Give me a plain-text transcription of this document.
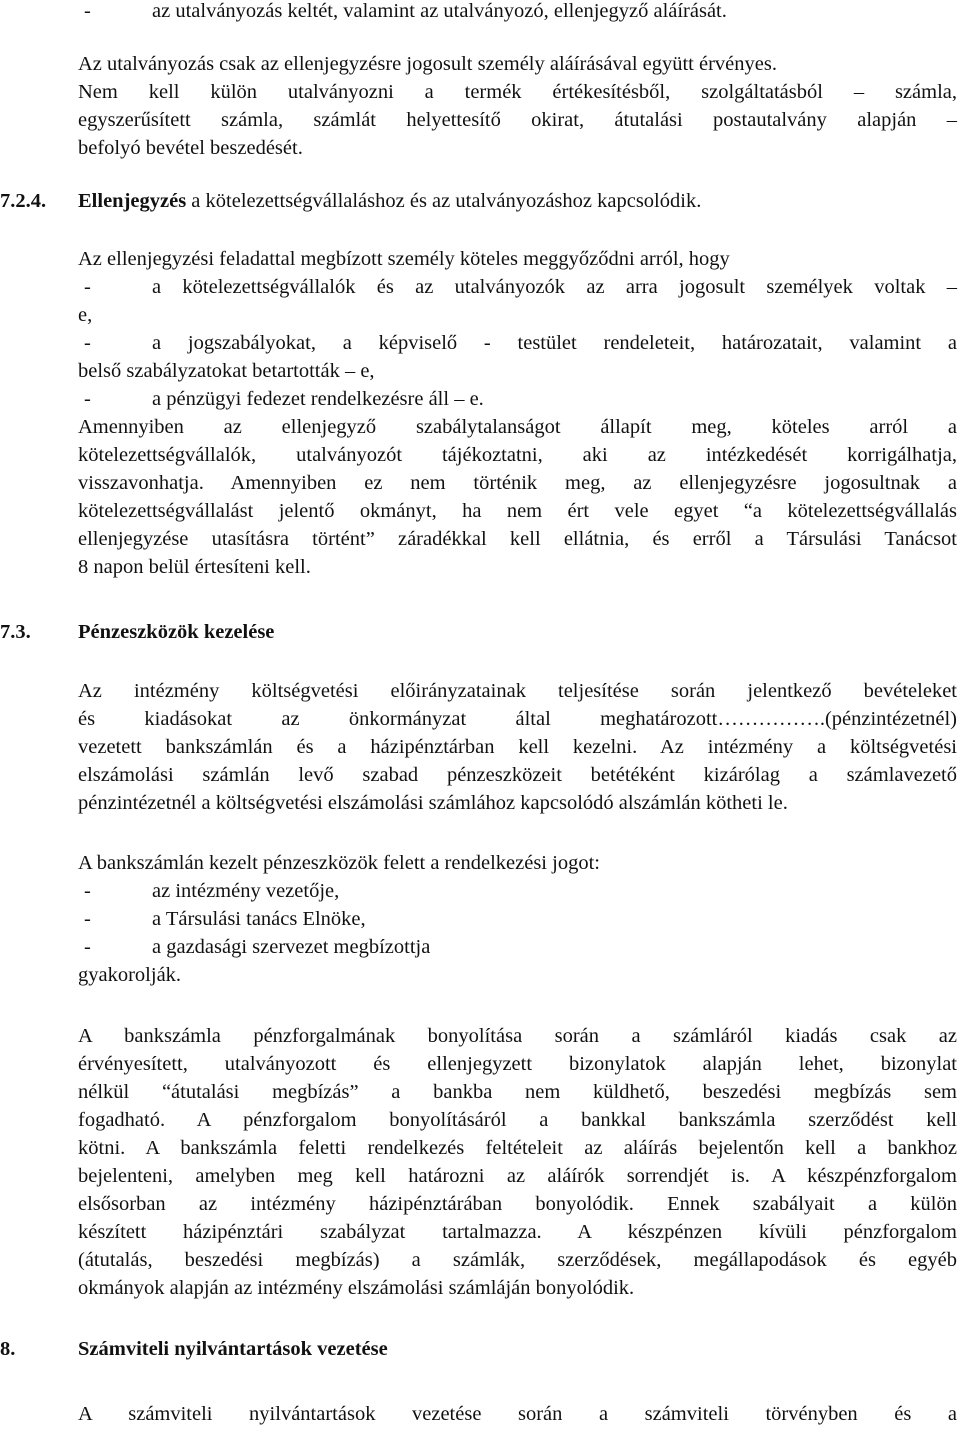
-	az utalványozás keltét, valamint az utalványozó, ellenjegyző aláírását.
Az utalványozás csak az ellenjegyzésre jogosult személy aláírásával együtt érvényes.
Nem kell külön utalványozni a termék értékesítésből, szolgáltatásból – számla,
egyszerűsített számla, számlát helyettesítő okirat, átutalási postautalvány alapján –
befolyó bevétel beszedését.
7.2.4. Ellenjegyzés a kötelezettségvállaláshoz és az utalványozáshoz kapcsolódik.
Az ellenjegyzési feladattal megbízott személy köteles meggyőződni arról, hogy
-	a kötelezettségvállalók és az utalványozók az arra jogosult személyek voltak –
e,
-	a jogszabályokat, a képviselő - testület rendeleteit, határozatait, valamint a
belső szabályzatokat betartották – e,
-	a pénzügyi fedezet rendelkezésre áll – e.
Amennyiben az ellenjegyző szabálytalanságot állapít meg, köteles arról a
kötelezettségvállalók, utalványozót tájékoztatni, aki az intézkedését korrigálhatja,
visszavonhatja. Amennyiben ez nem történik meg, az ellenjegyzésre jogosultnak a
kötelezettségvállalást jelentő okmányt, ha nem ért vele egyet “a kötelezettségvállalás
ellenjegyzése utasításra történt” záradékkal kell ellátnia, és erről a Társulási Tanácsot
8 napon belül értesíteni kell.
7.3. Pénzeszközök kezelése
Az intézmény költségvetési előirányzatainak teljesítése során jelentkező bevételeket
és kiadásokat az önkormányzat által meghatározott…………….(pénzintézetnél)
vezetett bankszámlán és a házipénztárban kell kezelni. Az intézmény a költségvetési
elszámolási számlán levő szabad pénzeszközeit betétéként kizárólag a számlavezető
pénzintézetnél a költségvetési elszámolási számlához kapcsolódó alszámlán kötheti le.
A bankszámlán kezelt pénzeszközök felett a rendelkezési jogot:
-	az intézmény vezetője,
-	a Társulási tanács Elnöke,
-	a gazdasági szervezet megbízottja
gyakorolják.
A bankszámla pénzforgalmának bonyolítása során a számláról kiadás csak az
érvényesített, utalványozott és ellenjegyzett bizonylatok alapján lehet, bizonylat
nélkül “átutalási megbízás” a bankba nem küldhető, beszedési megbízás sem
fogadható. A pénzforgalom bonyolításáról a bankkal bankszámla szerződést kell
kötni. A bankszámla feletti rendelkezés feltételeit az aláírás bejelentőn kell a bankhoz
bejelenteni, amelyben meg kell határozni az aláírók sorrendjét is. A készpénzforgalom
elsősorban az intézmény házipénztárában bonyolódik. Ennek szabályait a külön
készített házipénztári szabályzat tartalmazza. A készpénzen kívüli pénzforgalom
(átutalás, beszedési megbízás) a számlák, szerződések, megállapodások és egyéb
okmányok alapján az intézmény elszámolási számláján bonyolódik.
8.	Számviteli nyilvántartások vezetése
A számviteli nyilvántartások vezetése során a számviteli törvényben és a
